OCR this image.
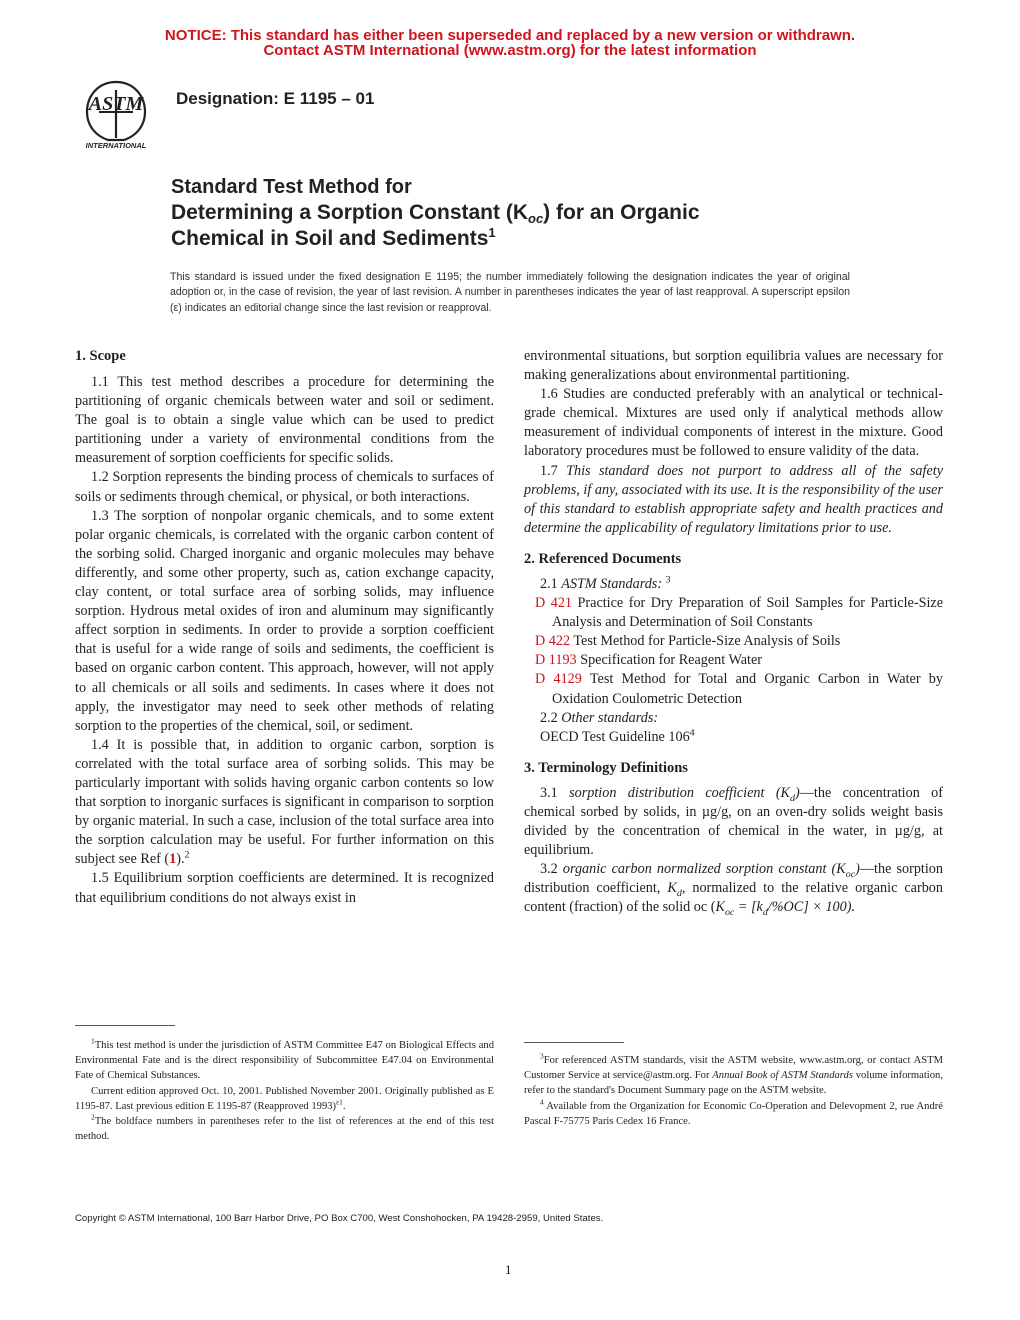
NOTICE: This standard has either been superseded and replaced by a new version or withdrawn.
Contact ASTM International (www.astm.org) for the latest information
ASTM
INTERNATIONAL
Designation: E 1195 – 01
Standard Test Method for
Determining a Sorption Constant $(K_{oc})$ for an Organic
Chemical in Soil and Sediments$^1$
This standard is issued under the fixed designation E 1195; the number immediately following the designation indicates the year of original adoption or, in the case of revision, the year of last revision. A number in parentheses indicates the year of last reapproval. A superscript epsilon (ε) indicates an editorial change since the last revision or reapproval.

1. Scope

1.1 This test method describes a procedure for determining the partitioning of organic chemicals between water and soil or sediment. The goal is to obtain a single value which can be used to predict partitioning under a variety of environmental conditions from the measurement of sorption coefficients for specific solids.

1.2 Sorption represents the binding process of chemicals to surfaces of soils or sediments through chemical, or physical, or both interactions.

1.3 The sorption of nonpolar organic chemicals, and to some extent polar organic chemicals, is correlated with the organic carbon content of the sorbing solid. Charged inorganic and organic molecules may behave differently, and some other property, such as, cation exchange capacity, clay content, or total surface area of sorbing solids, may influence sorption. Hydrous metal oxides of iron and aluminum may significantly affect sorption in sediments. In order to provide a sorption coefficient that is useful for a wide range of soils and sediments, the coefficient is based on organic carbon content. This approach, however, will not apply to all chemicals or all soils and sediments. In cases where it does not apply, the investigator may need to seek other methods of relating sorption to the properties of the chemical, soil, or sediment.

1.4 It is possible that, in addition to organic carbon, sorption is correlated with the total surface area of sorbing solids. This may be particularly important with solids having organic carbon contents so low that sorption to inorganic surfaces is significant in comparison to sorption by organic material. In such a case, inclusion of the total surface area into the sorption calculation may be useful. For further information on this subject see Ref (1).$^2$

1.5 Equilibrium sorption coefficients are determined. It is recognized that equilibrium conditions do not always exist in

environmental situations, but sorption equilibria values are necessary for making generalizations about environmental partitioning.

1.6 Studies are conducted preferably with an analytical or technical-grade chemical. Mixtures are used only if analytical methods allow measurement of individual components of interest in the mixture. Good laboratory procedures must be followed to ensure validity of the data.

1.7 This standard does not purport to address all of the safety problems, if any, associated with its use. It is the responsibility of the user of this standard to establish appropriate safety and health practices and determine the applicability of regulatory limitations prior to use.

2. Referenced Documents

2.1 ASTM Standards: $^3$

D 421 Practice for Dry Preparation of Soil Samples for Particle-Size Analysis and Determination of Soil Constants

D 422 Test Method for Particle-Size Analysis of Soils

D 1193 Specification for Reagent Water

D 4129 Test Method for Total and Organic Carbon in Water by Oxidation Coulometric Detection

2.2 Other standards:

OECD Test Guideline $106^4$

3. Terminology Definitions

3.1 sorption distribution coefficient $(K_d)—the$ concentration of chemical sorbed by solids, in µg/g, on an oven-dry solids weight basis divided by the concentration of chemical in the water, in µg/g, at equilibrium.

3.2 organic carbon normalized sorption constant $(K_{oc})—the$ sorption distribution coefficient, $K_d$, normalized to the relative organic carbon content (fraction) of the solid oc $(K_{oc} = [k_d/\%OC] \times 100)$.

$^1$This test method is under the jurisdiction of ASTM Committee E47 on Biological Effects and Environmental Fate and is the direct responsibility of Subcommittee E47.04 on Environmental Fate of Chemical Substances.

Current edition approved Oct. 10, 2001. Published November 2001. Originally published as E 1195-87. Last previous edition E 1195-87 (Reapproved 1993)$^{\varepsilon 1}$.

$^2$The boldface numbers in parentheses refer to the list of references at the end of this test method.

$^3$For referenced ASTM standards, visit the ASTM website, www.astm.org, or contact ASTM Customer Service at service@astm.org. For Annual Book of ASTM Standards volume information, refer to the standard's Document Summary page on the ASTM website.

$^4$ Available from the Organization for Economic Co-Operation and Delevopment 2, rue André Pascal F-75775 Paris Cedex 16 France.

Copyright © ASTM International, 100 Barr Harbor Drive, PO Box C700, West Conshohocken, PA 19428-2959, United States.
1
